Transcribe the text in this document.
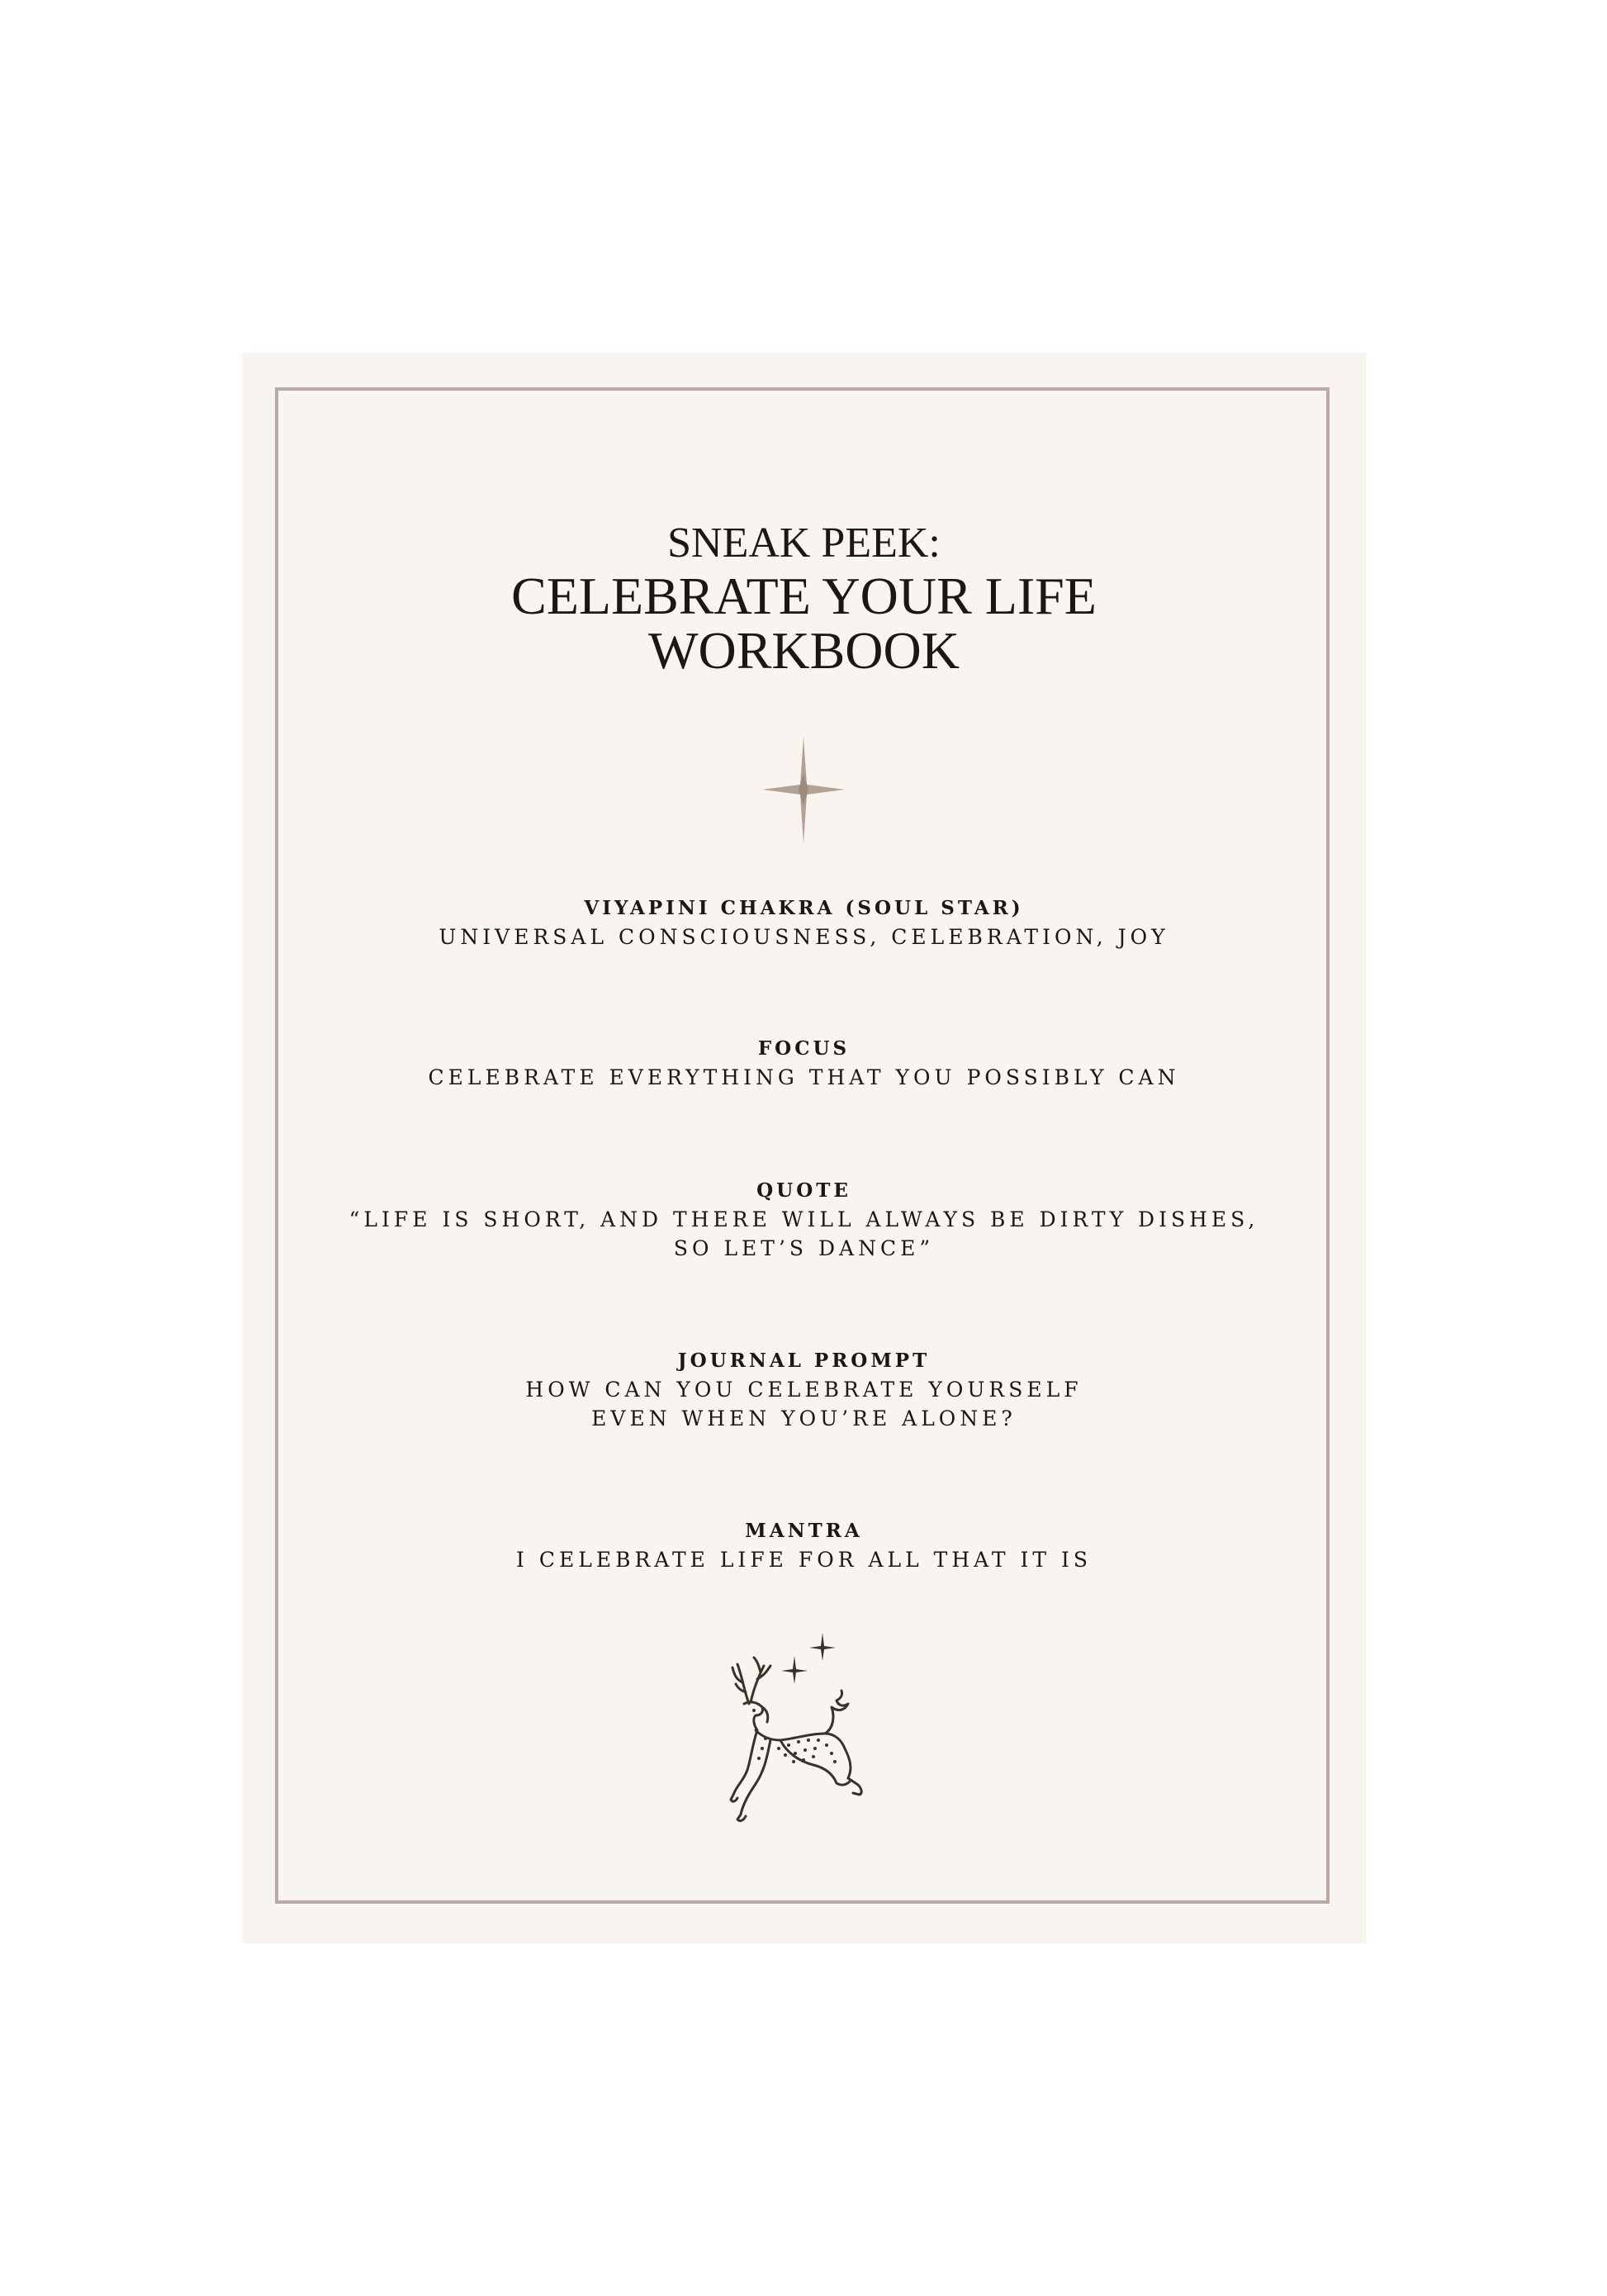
SNEAK PEEK:

CELEBRATE YOUR LIFE
WORKBOOK

VIYAPINI CHAKRA (SOUL STAR)

UNIVERSAL CONSCIOUSNESS, CELEBRATION, JOY

FOCUS

CELEBRATE EVERYTHING THAT YOU POSSIBLY CAN

QUOTE

“LIFE IS SHORT, AND THERE WILL ALWAYS BE DIRTY DISHES,

SO LET’S DANCE”

JOURNAL PROMPT

HOW CAN YOU CELEBRATE YOURSELF

EVEN WHEN YOU’RE ALONE?

MANTRA

I CELEBRATE LIFE FOR ALL THAT IT IS
